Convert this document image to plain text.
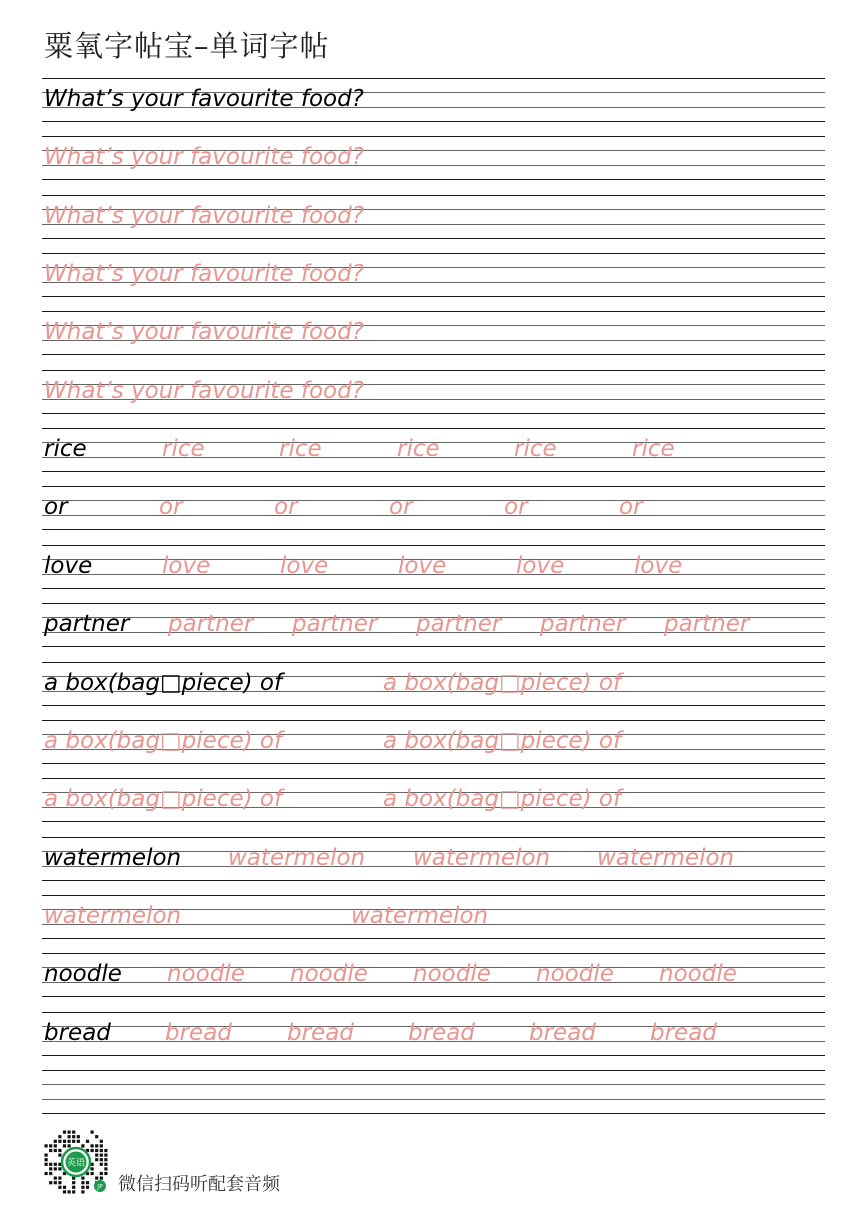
粟氧字帖宝–单词字帖
What’s your favourite food?
What’s your favourite food?
What’s your favourite food?
What’s your favourite food?
What’s your favourite food?
What’s your favourite food?
rice	rice	rice	rice	rice	rice
or	or	or	or	or	or
love	love	love	love	love	love
partner partner partner partner partner partner
a box(bag□piece) of	a box(bag□piece) of
a box(bag□piece) of	a box(bag□piece) of
a box(bag□piece) of	a box(bag□piece) of
watermelon watermelon watermelon watermelon
watermelon	watermelon
noodle noodle noodle noodle noodle noodle
bread bread bread bread bread bread
英语
JP 微信扫码听配套音频
